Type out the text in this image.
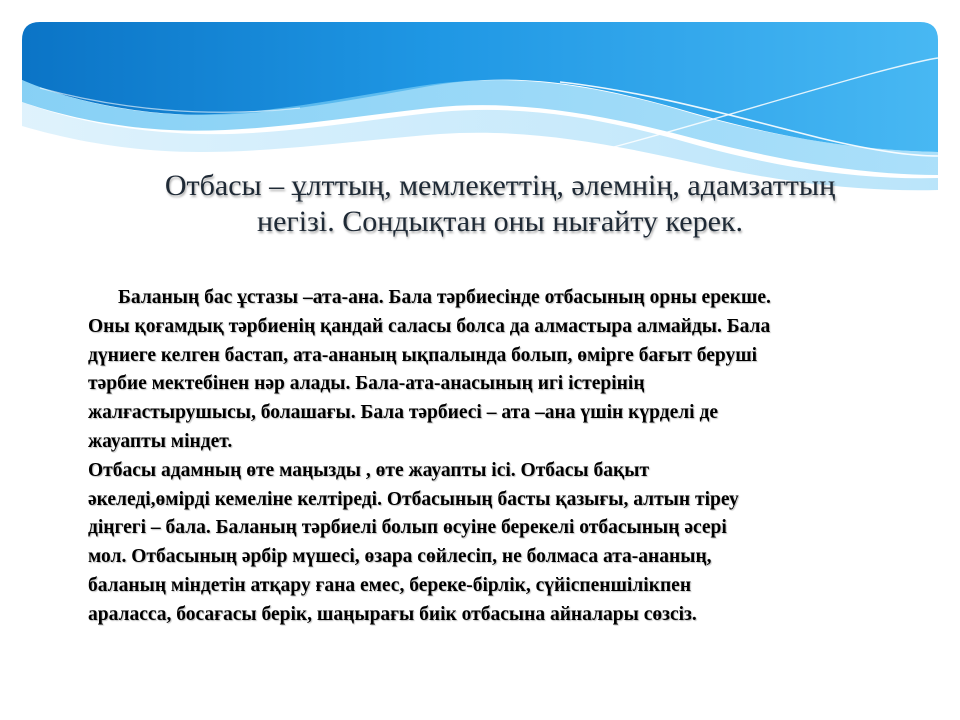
Отбасы – ұлттың, мемлекеттің, әлемнің, адамзаттың
негізі. Сондықтан оны нығайту керек.
Баланың бас ұстазы –ата-ана. Бала тәрбиесінде отбасының орны ерекше.
Оны қоғамдық тәрбиенің қандай саласы болса да алмастыра алмайды. Бала
дүниеге келген бастап, ата-ананың ықпалында болып, өмірге бағыт беруші
тәрбие мектебінен нәр алады. Бала-ата-анасының игі істерінің
жалғастырушысы, болашағы. Бала тәрбиесі – ата –ана үшін күрделі де
жауапты міндет.
Отбасы адамның өте маңызды , өте жауапты ісі. Отбасы бақыт
әкеледі,өмірді кемеліне келтіреді. Отбасының басты қазығы, алтын тіреу
діңгегі – бала. Баланың тәрбиелі болып өсуіне берекелі отбасының әсері
мол. Отбасының әрбір мүшесі, өзара сөйлесіп, не болмаса ата-ананың,
баланың міндетін атқару ғана емес, береке-бірлік, сүйіспеншілікпен
араласса, босағасы берік, шаңырағы биік отбасына айналары сөзсіз.
